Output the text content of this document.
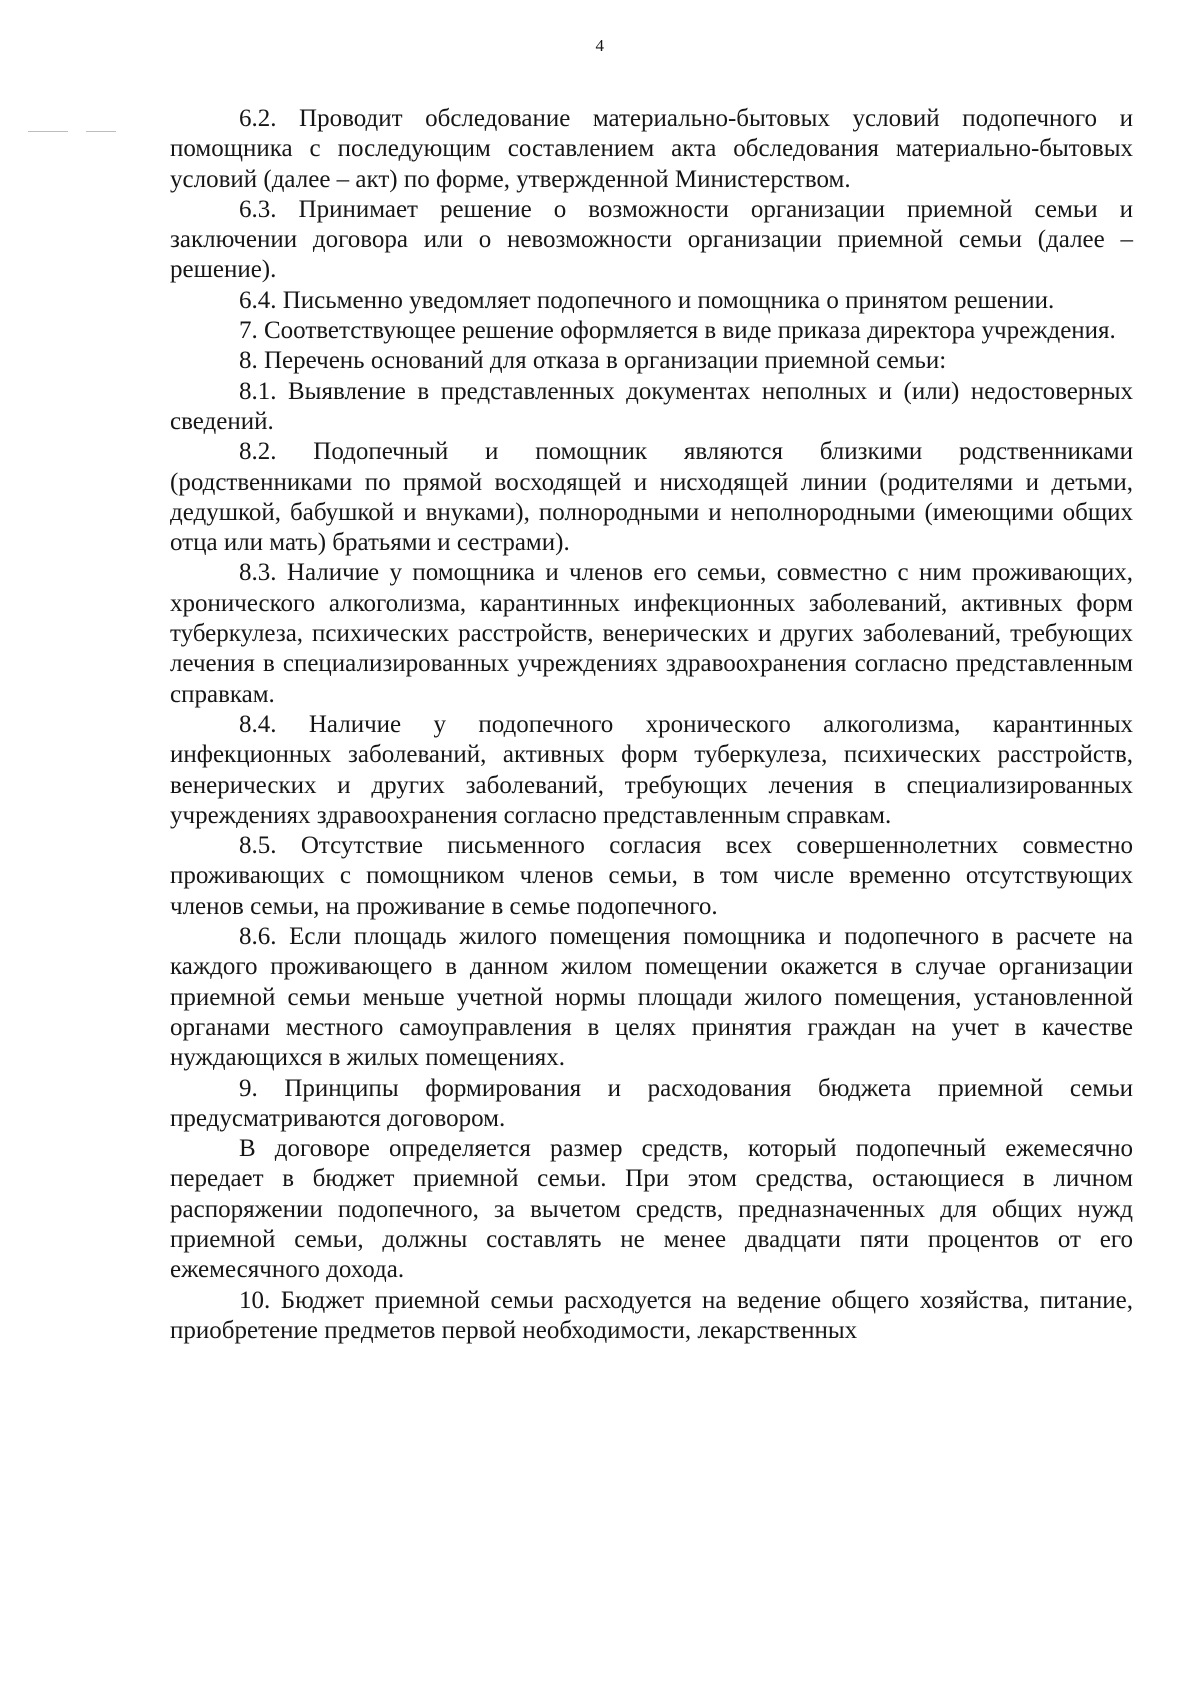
4

6.2. Проводит обследование материально-бытовых условий подопечного и помощника с последующим составлением акта обследования материально-бытовых условий (далее – акт) по форме, утвержденной Министерством.

6.3. Принимает решение о возможности организации приемной семьи и заключении договора или о невозможности организации приемной семьи (далее – решение).

6.4. Письменно уведомляет подопечного и помощника о принятом решении.

7. Соответствующее решение оформляется в виде приказа директора учреждения.

8. Перечень оснований для отказа в организации приемной семьи:

8.1. Выявление в представленных документах неполных и (или) недостоверных сведений.

8.2. Подопечный и помощник являются близкими родственниками (родственниками по прямой восходящей и нисходящей линии (родителями и детьми, дедушкой, бабушкой и внуками), полнородными и неполнородными (имеющими общих отца или мать) братьями и сестрами).

8.3. Наличие у помощника и членов его семьи, совместно с ним проживающих, хронического алкоголизма, карантинных инфекционных заболеваний, активных форм туберкулеза, психических расстройств, венерических и других заболеваний, требующих лечения в специализированных учреждениях здравоохранения согласно представленным справкам.

8.4. Наличие у подопечного хронического алкоголизма, карантинных инфекционных заболеваний, активных форм туберкулеза, психических расстройств, венерических и других заболеваний, требующих лечения в специализированных учреждениях здравоохранения согласно представленным справкам.

8.5. Отсутствие письменного согласия всех совершеннолетних совместно проживающих с помощником членов семьи, в том числе временно отсутствующих членов семьи, на проживание в семье подопечного.

8.6. Если площадь жилого помещения помощника и подопечного в расчете на каждого проживающего в данном жилом помещении окажется в случае организации приемной семьи меньше учетной нормы площади жилого помещения, установленной органами местного самоуправления в целях принятия граждан на учет в качестве нуждающихся в жилых помещениях.

9. Принципы формирования и расходования бюджета приемной семьи предусматриваются договором.

В договоре определяется размер средств, который подопечный ежемесячно передает в бюджет приемной семьи. При этом средства, остающиеся в личном распоряжении подопечного, за вычетом средств, предназначенных для общих нужд приемной семьи, должны составлять не менее двадцати пяти процентов от его ежемесячного дохода.

10. Бюджет приемной семьи расходуется на ведение общего хозяйства, питание, приобретение предметов первой необходимости, лекарственных
